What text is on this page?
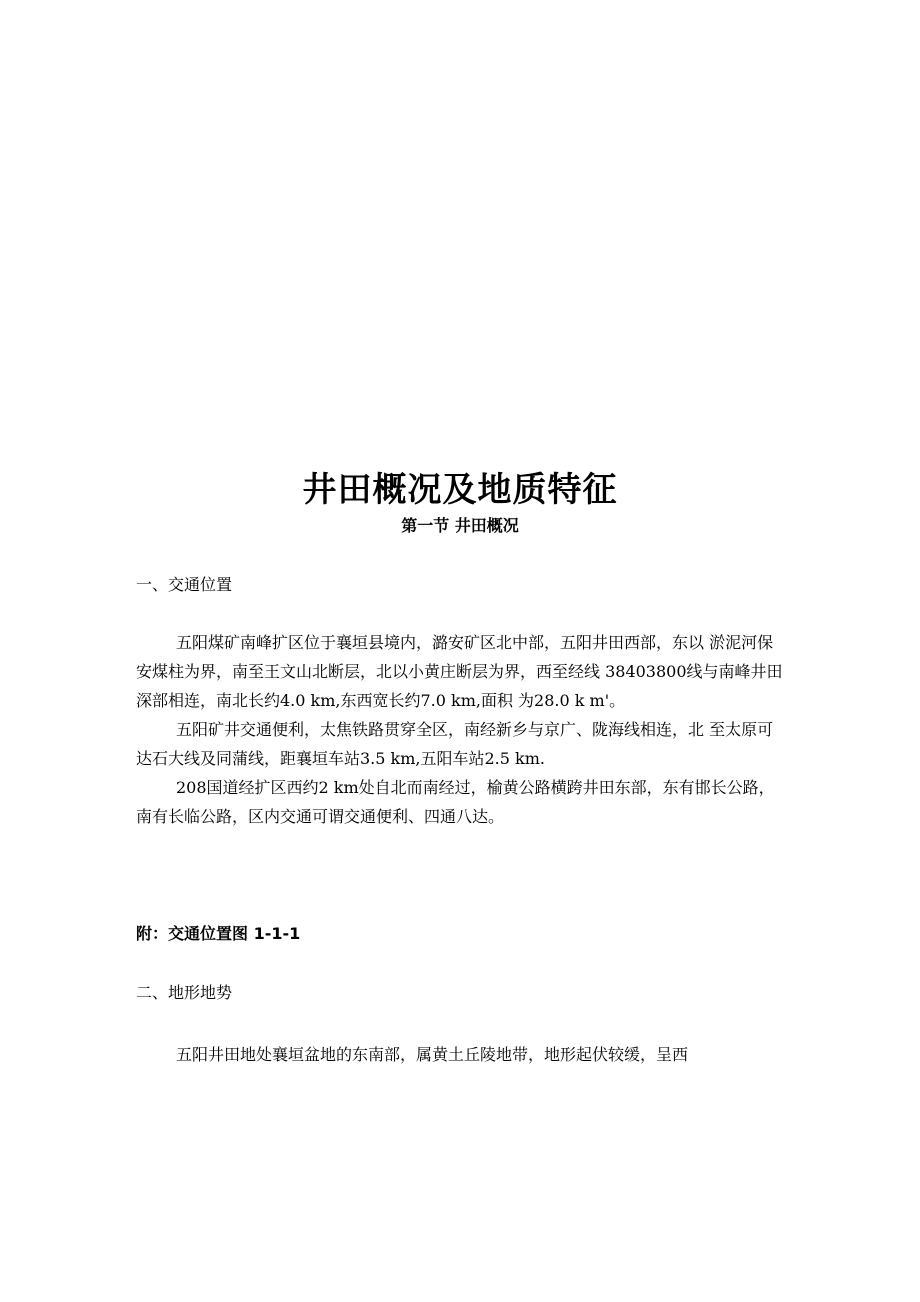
井田概况及地质特征
第一节 井田概况
一、交通位置

五阳煤矿南峰扩区位于襄垣县境内，潞安矿区北中部，五阳井田西部，东以 淤泥河保安煤柱为界，南至王文山北断层，北以小黄庄断层为界，西至经线 38403800线与南峰井田深部相连，南北长约4.0 km,东西宽长约7.0 km,面积 为28.0 k m'。

五阳矿井交通便利，太焦铁路贯穿全区，南经新乡与京广、陇海线相连，北 至太原可达石大线及同蒲线，距襄垣车站3.5 km,五阳车站2.5 km.

208国道经扩区西约2 km处自北而南经过，榆黄公路横跨井田东部，东有邯长公路，南有长临公路，区内交通可谓交通便利、四通八达。

附：交通位置图 1-1-1
二、地形地势

五阳井田地处襄垣盆地的东南部，属黄土丘陵地带，地形起伏较缓，呈西
